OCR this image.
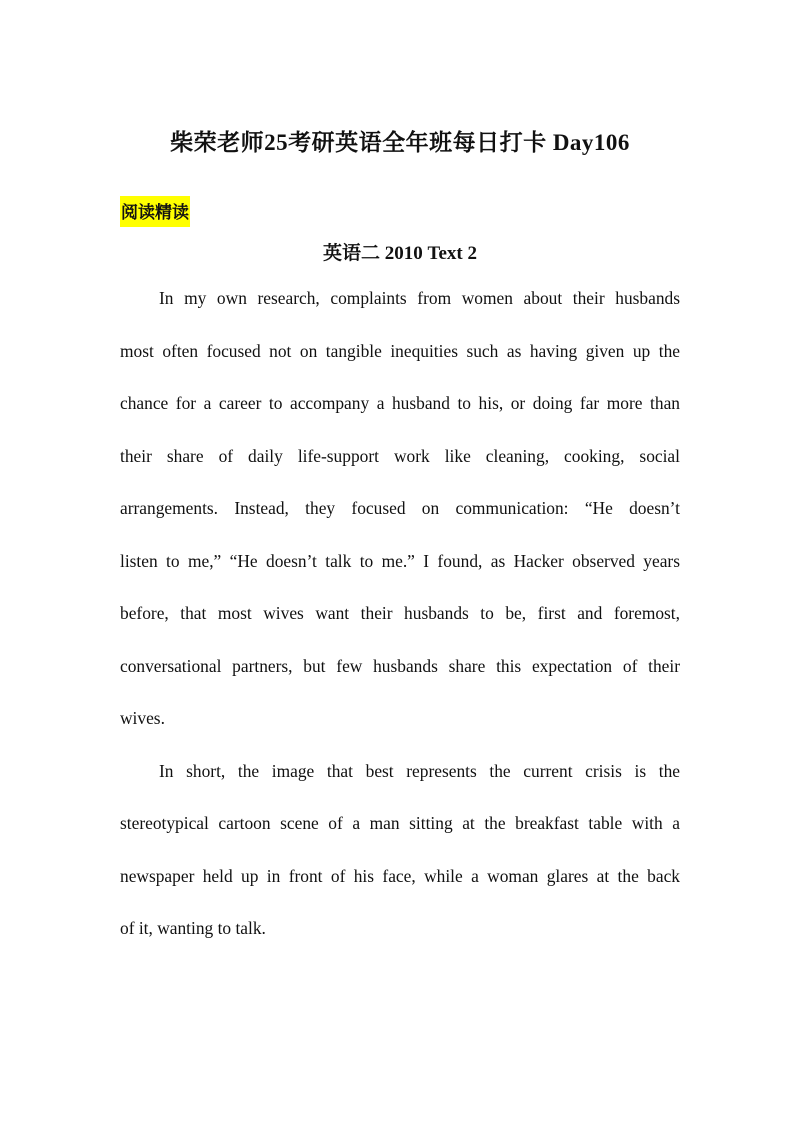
柴荣老师25考研英语全年班每日打卡 Day106
阅读精读
英语二 2010 Text 2
In my own research, complaints from women about their husbands
most often focused not on tangible inequities such as having given up the
chance for a career to accompany a husband to his, or doing far more than
their share of daily life-support work like cleaning, cooking, social
arrangements. Instead, they focused on communication: “He doesn’t
listen to me,” “He doesn’t talk to me.” I found, as Hacker observed years
before, that most wives want their husbands to be, first and foremost,
conversational partners, but few husbands share this expectation of their
wives.
In short, the image that best represents the current crisis is the
stereotypical cartoon scene of a man sitting at the breakfast table with a
newspaper held up in front of his face, while a woman glares at the back
of it, wanting to talk.
